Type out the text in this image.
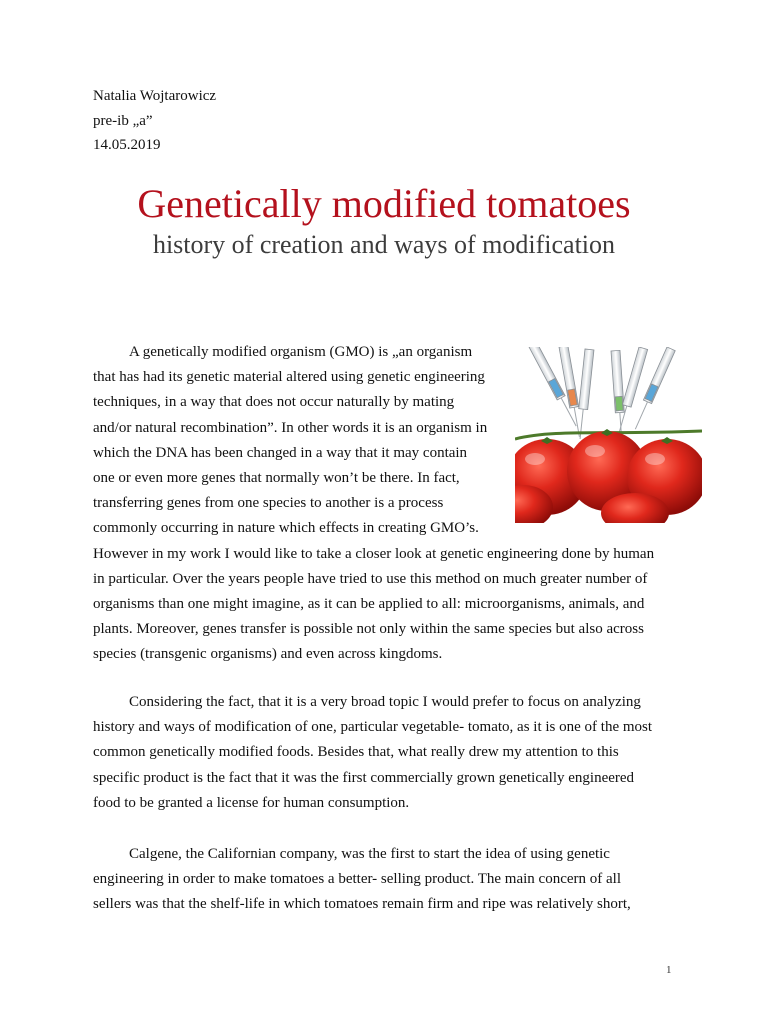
Natalia Wojtarowicz
pre-ib „a”
14.05.2019
Genetically modified tomatoes
history of creation and ways of modification
A genetically modified organism (GMO) is „an organism
that has had its genetic material altered using genetic engineering
techniques, in a way that does not occur naturally by mating
and/or natural recombination”. In other words it is an organism in
which the DNA has been changed in a way that it may contain
one or even more genes that normally won’t be there. In fact,
transferring genes from one species to another is a process
commonly occurring in nature which effects in creating GMO’s.
However in my work I would like to take a closer look at genetic engineering done by human
in particular. Over the years people have tried to use this method on much greater number of
organisms than one might imagine, as it can be applied to all: microorganisms, animals, and
plants. Moreover, genes transfer is possible not only within the same species but also across
species (transgenic organisms) and even across kingdoms.
Considering the fact, that it is a very broad topic I would prefer to focus on analyzing
history and ways of modification of one, particular vegetable- tomato, as it is one of the most
common genetically modified foods. Besides that, what really drew my attention to this
specific product is the fact that it was the first commercially grown genetically engineered
food to be granted a license for human consumption.
Calgene, the Californian company, was the first to start the idea of using genetic
engineering in order to make tomatoes a better- selling product. The main concern of all
sellers was that the shelf-life in which tomatoes remain firm and ripe was relatively short,
1
